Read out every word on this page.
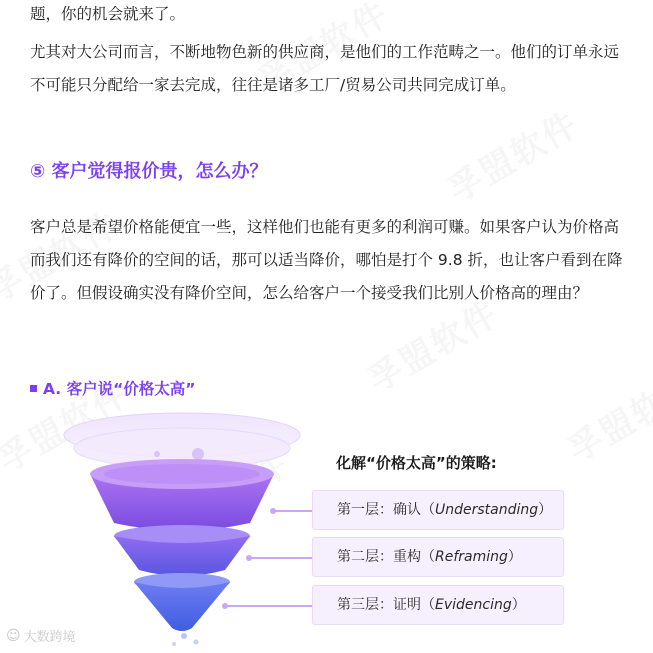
题，你的机会就来了。

尤其对大公司而言，不断地物色新的供应商，是他们的工作范畴之一。他们的订单永远不可能只分配给一家去完成，往往是诸多工厂/贸易公司共同完成订单。

⑤ 客户觉得报价贵，怎么办？

客户总是希望价格能便宜一些，这样他们也能有更多的利润可赚。如果客户认为价格高而我们还有降价的空间的话，那可以适当降价，哪怕是打个 9.8 折，也让客户看到在降价了。但假设确实没有降价空间，怎么给客户一个接受我们比别人价格高的理由？

A. 客户说“价格太高”
化解“价格太高”的策略:
第一层：确认（Understanding）
第二层：重构（Reframing）
第三层：证明（Evidencing）
☺ 大数跨境
